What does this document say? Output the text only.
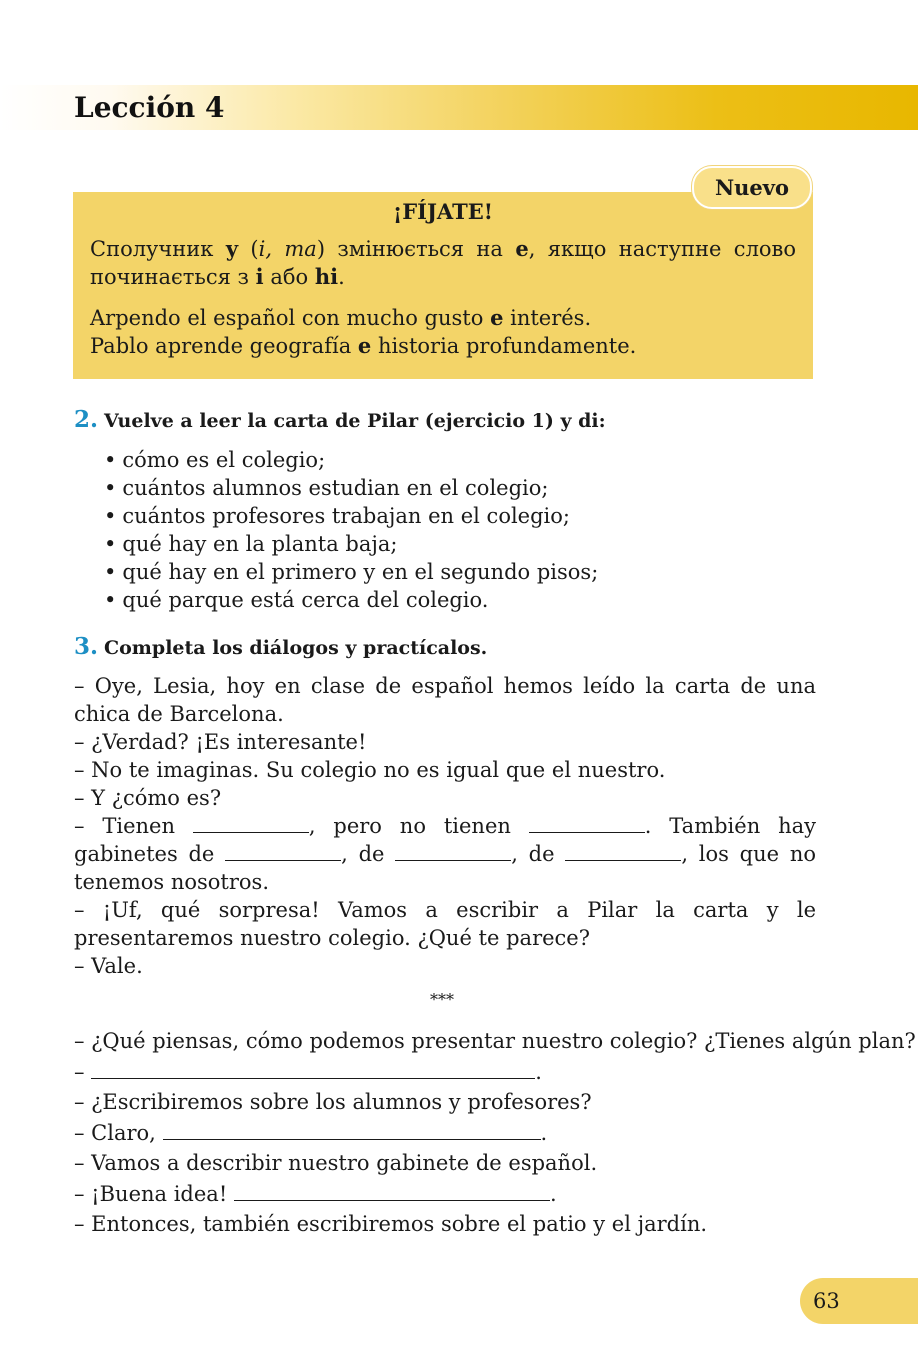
Lección 4
¡FÍJATE!
Сполучник y (i, та) змінюється на e, якщо наступне слово починається з i або hi.
Arpendo el español con mucho gusto e interés.
Pablo aprende geografía e historia profundamente.
Nuevo
2. Vuelve a leer la carta de Pilar (ejercicio 1) y di:
• cómo es el colegio;
• cuántos alumnos estudian en el colegio;
• cuántos profesores trabajan en el colegio;
• qué hay en la planta baja;
• qué hay en el primero y en el segundo pisos;
• qué parque está cerca del colegio.
3. Completa los diálogos y practícalos.
– Oye, Lesia, hoy en clase de español hemos leído la carta de una chica de Barcelona.
– ¿Verdad? ¡Es interesante!
– No te imaginas. Su colegio no es igual que el nuestro.
– Y ¿cómo es?
– Tienen	, pero no tienen	. También hay gabinetes de	, de	, de	, los que no tenemos nosotros.
– ¡Uf, qué sorpresa! Vamos a escribir a Pilar la carta y le presentaremos nuestro colegio. ¿Qué te parece?
– Vale.
***
– ¿Qué piensas, cómo podemos presentar nuestro colegio? ¿Tienes algún plan?
–	.
– ¿Escribiremos sobre los alumnos y profesores?
– Claro,	.
– Vamos a describir nuestro gabinete de español.
– ¡Buena idea!	.
– Entonces, también escribiremos sobre el patio y el jardín.
63
